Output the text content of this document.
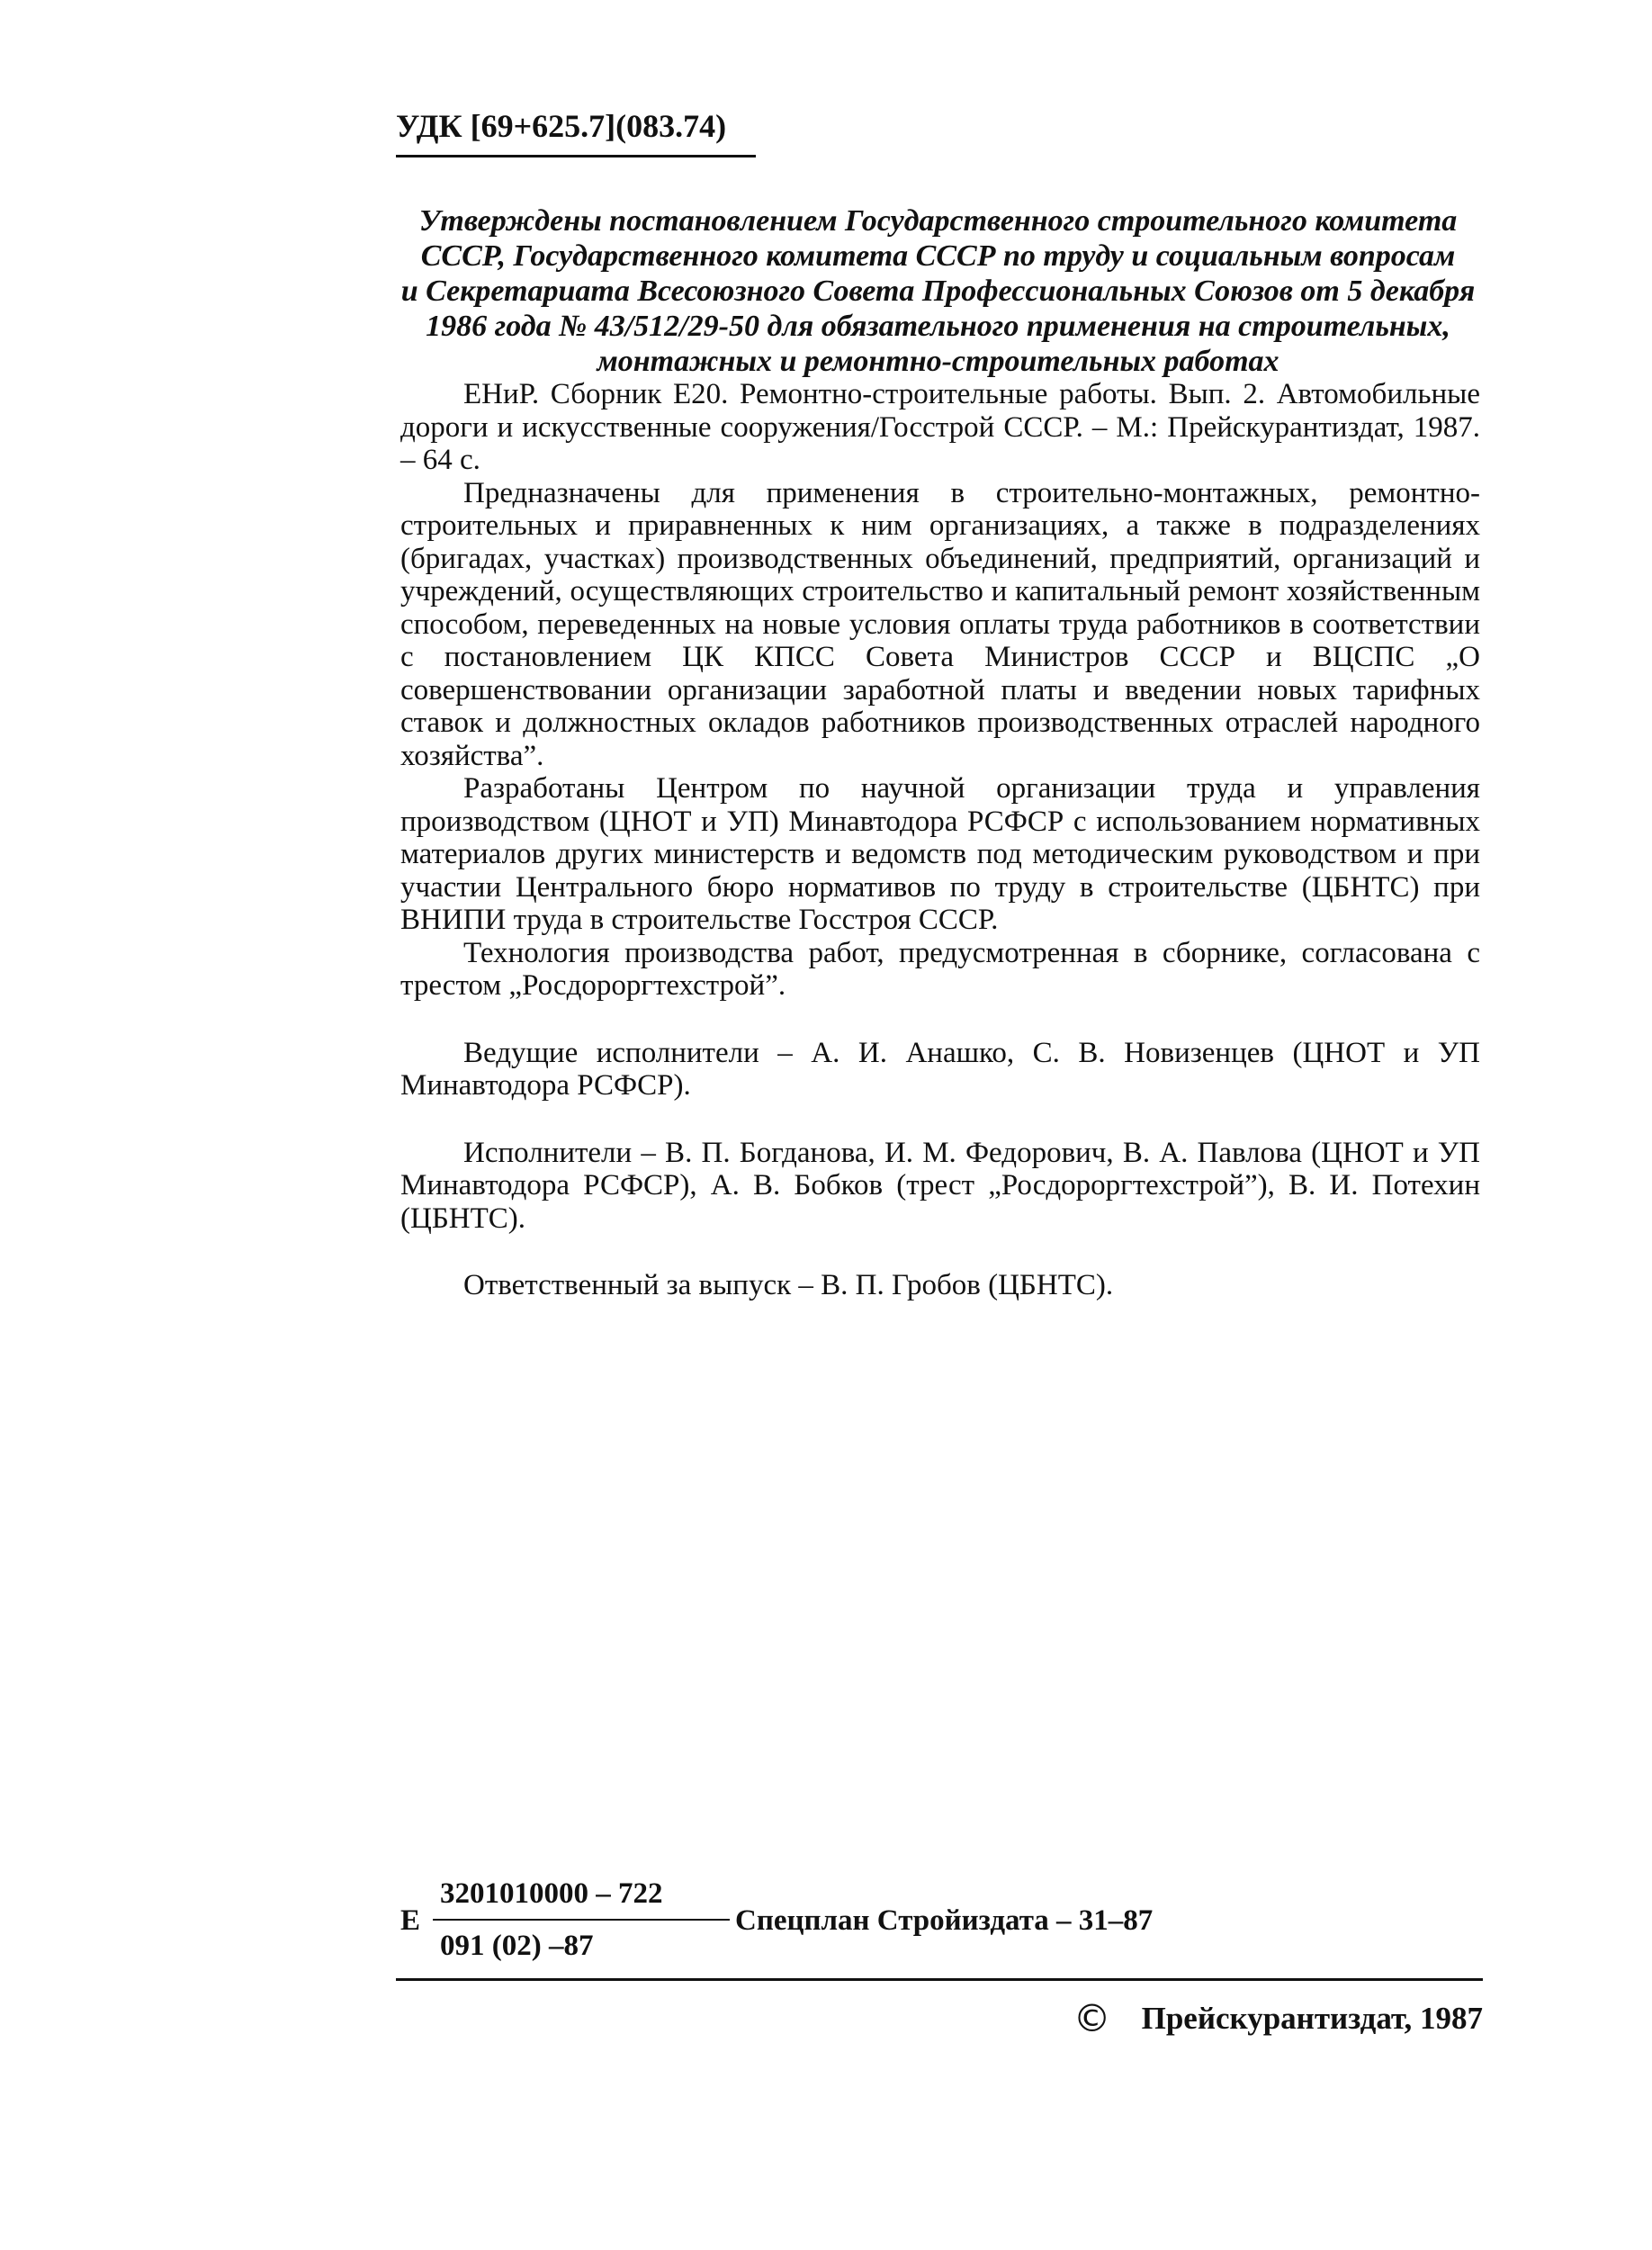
УДК [69+625.7](083.74)

Утверждены постановлением Государственного строительного комитета
СССР, Государственного комитета СССР по труду и социальным вопросам
и Секретариата Всесоюзного Совета Профессиональных Союзов от 5 декабря
1986 года № 43/512/29-50 для обязательного применения на строительных,
монтажных и ремонтно-строительных работах

ЕНиР. Сборник Е20. Ремонтно-строительные работы. Вып. 2. Автомобильные дороги и искусственные сооружения/Госстрой СССР. – М.: Прейскурантиздат, 1987. – 64 с.

Предназначены для применения в строительно-монтажных, ремонтно-строительных и приравненных к ним организациях, а также в подразделениях (бригадах, участках) производственных объединений, предприятий, организаций и учреждений, осуществляющих строительство и капитальный ремонт хозяйственным способом, переведенных на новые условия оплаты труда работников в соответствии с постановлением ЦК КПСС Совета Министров СССР и ВЦСПС „О совершенствовании организации заработной платы и введении новых тарифных ставок и должностных окладов работников производственных отраслей народного хозяйства”.

Разработаны Центром по научной организации труда и управления производством (ЦНОТ и УП) Минавтодора РСФСР с использованием нормативных материалов других министерств и ведомств под методическим руководством и при участии Центрального бюро нормативов по труду в строительстве (ЦБНТС) при ВНИПИ труда в строительстве Госстроя СССР.

Технология производства работ, предусмотренная в сборнике, согласована с трестом „Росдороргтехстрой”.

Ведущие исполнители – А. И. Анашко, С. В. Новизенцев (ЦНОТ и УП Минавтодора РСФСР).

Исполнители – В. П. Богданова, И. М. Федорович, В. А. Павлова (ЦНОТ и УП Минавтодора РСФСР), А. В. Бобков (трест „Росдороргтехстрой”), В. И. Потехин (ЦБНТС).

Ответственный за выпуск – В. П. Гробов (ЦБНТС).

Е
3201010000 – 722
091 (02) –87
Спецплан Стройиздата – 31–87
© Прейскурантиздат, 1987
